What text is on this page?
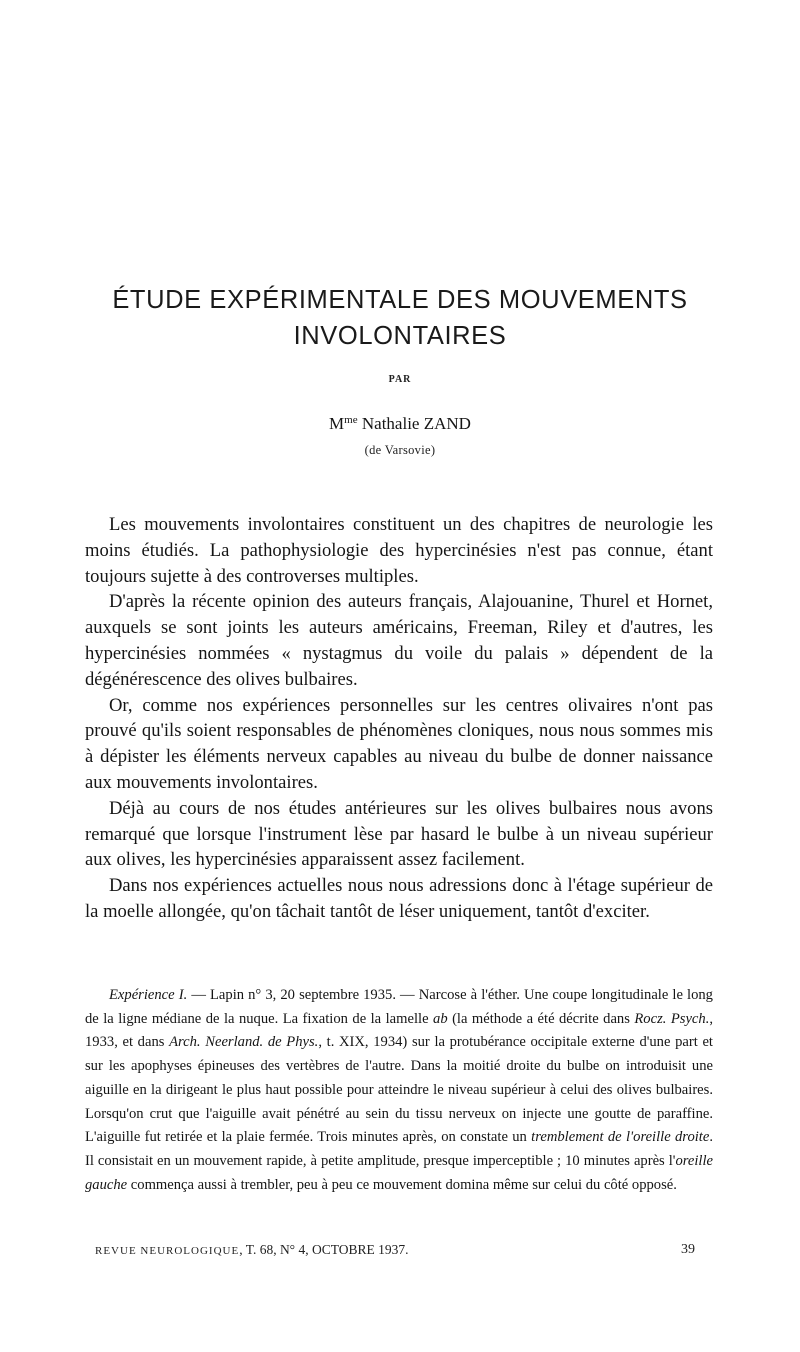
ÉTUDE EXPÉRIMENTALE DES MOUVEMENTS
INVOLONTAIRES
PAR
$M^{me}$ Nathalie ZAND
(de Varsovie)

Les mouvements involontaires constituent un des chapitres de neurologie les moins étudiés. La pathophysiologie des hypercinésies n'est pas connue, étant toujours sujette à des controverses multiples.

D'après la récente opinion des auteurs français, Alajouanine, Thurel et Hornet, auxquels se sont joints les auteurs américains, Freeman, Riley et d'autres, les hypercinésies nommées « nystagmus du voile du palais » dépendent de la dégénérescence des olives bulbaires.

Or, comme nos expériences personnelles sur les centres olivaires n'ont pas prouvé qu'ils soient responsables de phénomènes cloniques, nous nous sommes mis à dépister les éléments nerveux capables au niveau du bulbe de donner naissance aux mouvements involontaires.

Déjà au cours de nos études antérieures sur les olives bulbaires nous avons remarqué que lorsque l'instrument lèse par hasard le bulbe à un niveau supérieur aux olives, les hypercinésies apparaissent assez facilement.

Dans nos expériences actuelles nous nous adressions donc à l'étage supérieur de la moelle allongée, qu'on tâchait tantôt de léser uniquement, tantôt d'exciter.

Expérience I. — Lapin n° 3, 20 septembre 1935. — Narcose à l'éther. Une coupe longitudinale le long de la ligne médiane de la nuque. La fixation de la lamelle ab (la méthode a été décrite dans Rocz. Psych., 1933, et dans Arch. Neerland. de Phys., t. XIX, 1934) sur la protubérance occipitale externe d'une part et sur les apophyses épineuses des vertèbres de l'autre. Dans la moitié droite du bulbe on introduisit une aiguille en la dirigeant le plus haut possible pour atteindre le niveau supérieur à celui des olives bulbaires. Lorsqu'on crut que l'aiguille avait pénétré au sein du tissu nerveux on injecte une goutte de paraffine. L'aiguille fut retirée et la plaie fermée. Trois minutes après, on constate un tremblement de l'oreille droite. Il consistait en un mouvement rapide, à petite amplitude, presque imperceptible ; 10 minutes après l'oreille gauche commença aussi à trembler, peu à peu ce mouvement domina même sur celui du côté opposé.

REVUE NEUROLOGIQUE, T. 68, N° 4, OCTOBRE 1937.	39
